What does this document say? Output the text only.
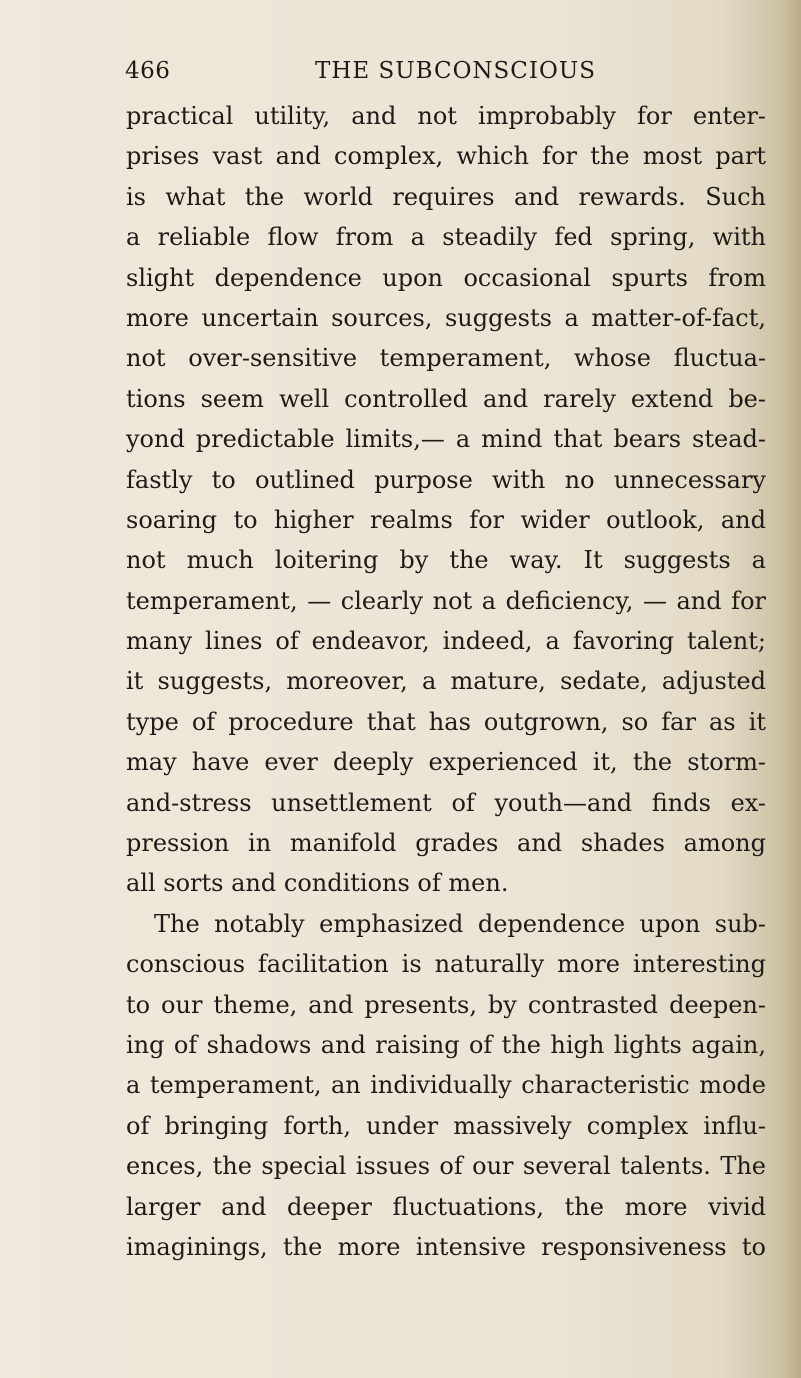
466	THE SUBCONSCIOUS
practical utility, and not improbably for enter-
prises vast and complex, which for the most part
is what the world requires and rewards. Such
a reliable flow from a steadily fed spring, with
slight dependence upon occasional spurts from
more uncertain sources, suggests a matter-of-fact,
not over-sensitive temperament, whose fluctua-
tions seem well controlled and rarely extend be-
yond predictable limits,— a mind that bears stead-
fastly to outlined purpose with no unnecessary
soaring to higher realms for wider outlook, and
not much loitering by the way. It suggests a
temperament, — clearly not a deficiency, — and for
many lines of endeavor, indeed, a favoring talent;
it suggests, moreover, a mature, sedate, adjusted
type of procedure that has outgrown, so far as it
may have ever deeply experienced it, the storm-
and-stress unsettlement of youth—and finds ex-
pression in manifold grades and shades among
all sorts and conditions of men.
The notably emphasized dependence upon sub-
conscious facilitation is naturally more interesting
to our theme, and presents, by contrasted deepen-
ing of shadows and raising of the high lights again,
a temperament, an individually characteristic mode
of bringing forth, under massively complex influ-
ences, the special issues of our several talents. The
larger and deeper fluctuations, the more vivid
imaginings, the more intensive responsiveness to
